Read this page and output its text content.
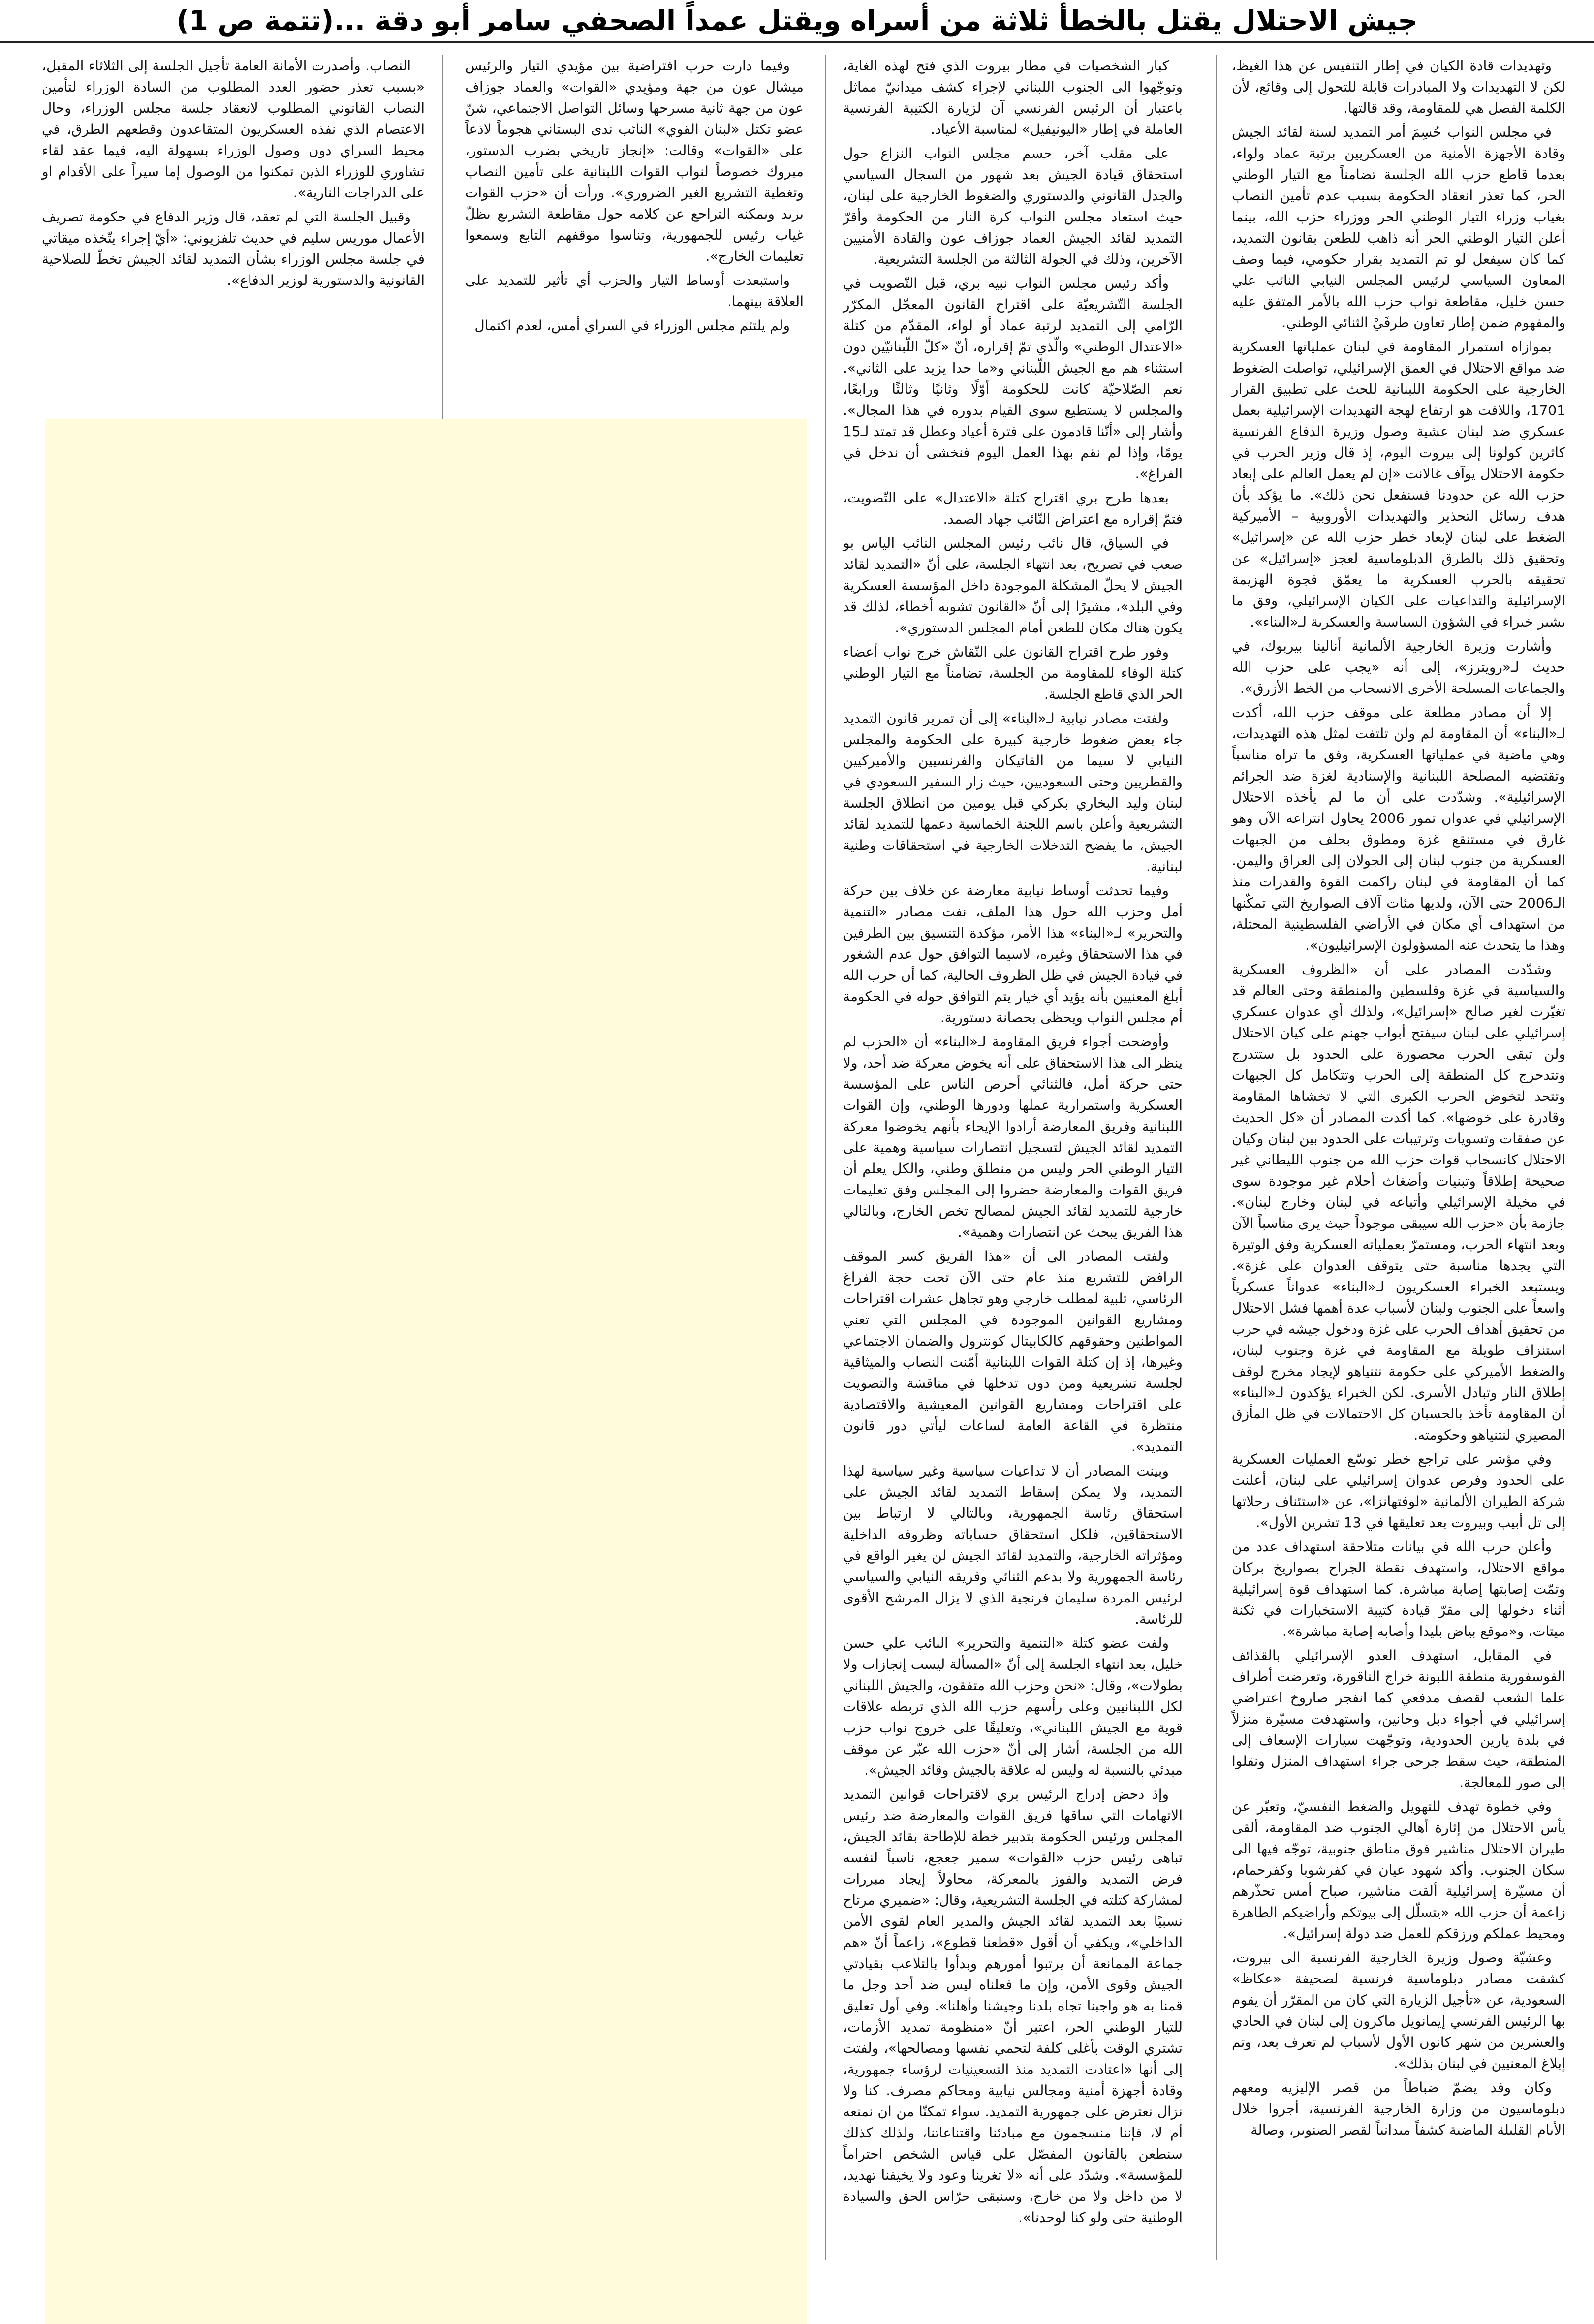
جيش الاحتلال يقتل بالخطأ ثلاثة من أسراه ويقتل عمداً الصحفي سامر أبو دقة ...(تتمة ص 1)

وتهديدات قادة الكيان في إطار التنفيس عن هذا الغيظ، لكن لا التهديدات ولا المبادرات قابلة للتحول إلى وقائع، لأن الكلمة الفصل هي للمقاومة، وقد قالتها.

في مجلس النواب حُسِمَ أمر التمديد لسنة لقائد الجيش وقادة الأجهزة الأمنية من العسكريين برتبة عماد ولواء، بعدما قاطع حزب الله الجلسة تضامناً مع التيار الوطني الحر، كما تعذر انعقاد الحكومة بسبب عدم تأمين النصاب بغياب وزراء التيار الوطني الحر ووزراء حزب الله، بينما أعلن التيار الوطني الحر أنه ذاهب للطعن بقانون التمديد، كما كان سيفعل لو تم التمديد بقرار حكومي، فيما وصف المعاون السياسي لرئيس المجلس النيابي النائب علي حسن خليل، مقاطعة نواب حزب الله بالأمر المتفق عليه والمفهوم ضمن إطار تعاون طرفَيْ الثنائي الوطني.

بموازاة استمرار المقاومة في لبنان عملياتها العسكرية ضد مواقع الاحتلال في العمق الإسرائيلي، تواصلت الضغوط الخارجية على الحكومة اللبنانية للحث على تطبيق القرار 1701، واللافت هو ارتفاع لهجة التهديدات الإسرائيلية بعمل عسكري ضد لبنان عشية وصول وزيرة الدفاع الفرنسية كاثرين كولونا إلى بيروت اليوم، إذ قال وزير الحرب في حكومة الاحتلال يوآف غالانت «إن لم يعمل العالم على إبعاد حزب الله عن حدودنا فسنفعل نحن ذلك». ما يؤكد بأن هدف رسائل التحذير والتهديدات الأوروبية – الأميركية الضغط على لبنان لإبعاد خطر حزب الله عن «إسرائيل» وتحقيق ذلك بالطرق الدبلوماسية لعجز «إسرائيل» عن تحقيقه بالحرب العسكرية ما يعمّق فجوة الهزيمة الإسرائيلية والتداعيات على الكيان الإسرائيلي، وفق ما يشير خبراء في الشؤون السياسية والعسكرية لـ«البناء».

وأشارت وزيرة الخارجية الألمانية أنالينا بيربوك، في حديث لـ«رويترز»، إلى أنه «يجب على حزب الله والجماعات المسلحة الأخرى الانسحاب من الخط الأزرق».

إلا أن مصادر مطلعة على موقف حزب الله، أكدت لـ«البناء» أن المقاومة لم ولن تلتفت لمثل هذه التهديدات، وهي ماضية في عملياتها العسكرية، وفق ما تراه مناسباً وتقتضيه المصلحة اللبنانية والإسنادية لغزة ضد الجرائم الإسرائيلية». وشدّدت على أن ما لم يأخذه الاحتلال الإسرائيلي في عدوان تموز 2006 يحاول انتزاعه الآن وهو غارق في مستنقع غزة ومطوق بحلف من الجبهات العسكرية من جنوب لبنان إلى الجولان إلى العراق واليمن. كما أن المقاومة في لبنان راكمت القوة والقدرات منذ الـ2006 حتى الآن، ولديها مئات آلاف الصواريخ التي تمكّنها من استهداف أي مكان في الأراضي الفلسطينية المحتلة، وهذا ما يتحدث عنه المسؤولون الإسرائيليون».

وشدّدت المصادر على أن «الظروف العسكرية والسياسية في غزة وفلسطين والمنطقة وحتى العالم قد تغيّرت لغير صالح «إسرائيل»، ولذلك أي عدوان عسكري إسرائيلي على لبنان سيفتح أبواب جهنم على كيان الاحتلال ولن تبقى الحرب محصورة على الحدود بل ستتدرج وتتدحرج كل المنطقة إلى الحرب وتتكامل كل الجبهات وتتحد لتخوض الحرب الكبرى التي لا تخشاها المقاومة وقادرة على خوضها». كما أكدت المصادر أن «كل الحديث عن صفقات وتسويات وترتيبات على الحدود بين لبنان وكيان الاحتلال كانسحاب قوات حزب الله من جنوب الليطاني غير صحيحة إطلاقاً وتبنيات وأضغاث أحلام غير موجودة سوى في مخيلة الإسرائيلي وأتباعه في لبنان وخارج لبنان». جازمة بأن «حزب الله سيبقى موجوداً حيث يرى مناسباً الآن وبعد انتهاء الحرب، ومستمرّ بعملياته العسكرية وفق الوتيرة التي يجدها مناسبة حتى يتوقف العدوان على غزة». ويستبعد الخبراء العسكريون لـ«البناء» عدواناً عسكرياً واسعاً على الجنوب ولبنان لأسباب عدة أهمها فشل الاحتلال من تحقيق أهداف الحرب على غزة ودخول جيشه في حرب استنزاف طويلة مع المقاومة في غزة وجنوب لبنان، والضغط الأميركي على حكومة نتنياهو لإيجاد مخرج لوقف إطلاق النار وتبادل الأسرى. لكن الخبراء يؤكدون لـ«البناء» أن المقاومة تأخذ بالحسبان كل الاحتمالات في ظل المأزق المصيري لنتنياهو وحكومته.

وفي مؤشر على تراجع خطر توسّع العمليات العسكرية على الحدود وفرص عدوان إسرائيلي على لبنان، أعلنت شركة الطيران الألمانية «لوفتهانزا»، عن «استئناف رحلاتها إلى تل أبيب وبيروت بعد تعليقها في 13 تشرين الأول».

وأعلن حزب الله في بيانات متلاحقة استهداف عدد من مواقع الاحتلال، واستهدف نقطة الجراح بصواريخ بركان وتمّت إصابتها إصابة مباشرة. كما استهداف قوة إسرائيلية أثناء دخولها إلى مقرّ قيادة كتيبة الاستخبارات في ثكنة ميتات، و«موقع بياض بليدا وأصابه إصابة مباشرة».

في المقابل، استهدف العدو الإسرائيلي بالقذائف الفوسفورية منطقة اللبونة خراج الناقورة، وتعرضت أطراف علما الشعب لقصف مدفعي كما انفجر صاروخ اعتراضي إسرائيلي في أجواء دبل وحانين، واستهدفت مسيّرة منزلاً في بلدة يارين الحدودية، وتوجّهت سيارات الإسعاف إلى المنطقة، حيث سقط جرحى جراء استهداف المنزل ونقلوا إلى صور للمعالجة.

وفي خطوة تهدف للتهويل والضغط النفسيّ، وتعبّر عن يأس الاحتلال من إثارة أهالي الجنوب ضد المقاومة، ألقى طيران الاحتلال مناشير فوق مناطق جنوبية، توجّه فيها الى سكان الجنوب. وأكد شهود عيان في كفرشوبا وكفرحمام، أن مسيّرة إسرائيلية ألقت مناشير، صباح أمس تحذّرهم زاعمة أن حزب الله «يتسلّل إلى بيوتكم وأراضيكم الطاهرة ومحيط عملكم ورزقكم للعمل ضد دولة إسرائيل».

وعشيّة وصول وزيرة الخارجية الفرنسية الى بيروت، كشفت مصادر دبلوماسية فرنسية لصحيفة «عكاظ» السعودية، عن «تأجيل الزيارة التي كان من المقرّر أن يقوم بها الرئيس الفرنسي إيمانويل ماكرون إلى لبنان في الحادي والعشرين من شهر كانون الأول لأسباب لم تعرف بعد، وتم إبلاغ المعنيين في لبنان بذلك».

وكان وفد يضمّ ضباطاً من قصر الإليزيه ومعهم دبلوماسيون من وزارة الخارجية الفرنسية، أجروا خلال الأيام القليلة الماضية كشفاً ميدانياً لقصر الصنوبر، وصالة

كبار الشخصيات في مطار بيروت الذي فتح لهذه الغاية، وتوجّهوا الى الجنوب اللبناني لإجراء كشف ميدانيّ مماثل باعتبار أن الرئيس الفرنسي آن لزيارة الكتيبة الفرنسية العاملة في إطار «اليونيفيل» لمناسبة الأعياد.

على مقلب آخر، حسم مجلس النواب النزاع حول استحقاق قيادة الجيش بعد شهور من السجال السياسي والجدل القانوني والدستوري والضغوط الخارجية على لبنان، حيث استعاد مجلس النواب كرة النار من الحكومة وأقرّ التمديد لقائد الجيش العماد جوزاف عون والقادة الأمنيين الآخرين، وذلك في الجولة الثالثة من الجلسة التشريعية.

وأكد رئيس مجلس النواب نبيه بري، قبل التّصويت في الجلسة التّشريعيّة على اقتراح القانون المعجّل المكرّر الرّامي إلى التمديد لرتبة عماد أو لواء، المقدّم من كتلة «الاعتدال الوطني» والّذي تمّ إقراره، أنّ «كلّ اللّبنانيّين دون استثناء هم مع الجيش اللّبناني و«ما حدا يزيد على الثاني». نعم الصّلاحيّة كانت للحكومة أوّلًا وثانيًا وثالثًا ورابعًا، والمجلس لا يستطيع سوى القيام بدوره في هذا المجال». وأشار إلى «أنّنا قادمون على فترة أعياد وعطل قد تمتد لـ15 يومًا، وإذا لم نقم بهذا العمل اليوم فنخشى أن ندخل في الفراغ».

بعدها طرح بري اقتراح كتلة «الاعتدال» على التّصويت، فتمّ إقراره مع اعتراض النّائب جهاد الصمد.

في السياق، قال نائب رئيس المجلس النائب الياس بو صعب في تصريح، بعد انتهاء الجلسة، على أنّ «التمديد لقائد الجيش لا يحلّ المشكلة الموجودة داخل المؤسسة العسكرية وفي البلد»، مشيرًا إلى أنّ «القانون تشوبه أخطاء، لذلك قد يكون هناك مكان للطعن أمام المجلس الدستوري».

وفور طرح اقتراح القانون على النّقاش خرج نواب أعضاء كتلة الوفاء للمقاومة من الجلسة، تضامناً مع التيار الوطني الحر الذي قاطع الجلسة.

ولفتت مصادر نيابية لـ«البناء» إلى أن تمرير قانون التمديد جاء بعض ضغوط خارجية كبيرة على الحكومة والمجلس النيابي لا سيما من الفاتيكان والفرنسيين والأميركيين والقطريين وحتى السعوديين، حيث زار السفير السعودي في لبنان وليد البخاري بكركي قبل يومين من انطلاق الجلسة التشريعية وأعلن باسم اللجنة الخماسية دعمها للتمديد لقائد الجيش، ما يفضح التدخلات الخارجية في استحقاقات وطنية لبنانية.

وفيما تحدثت أوساط نيابية معارضة عن خلاف بين حركة أمل وحزب الله حول هذا الملف، نفت مصادر «التنمية والتحرير» لـ«البناء» هذا الأمر، مؤكدة التنسيق بين الطرفين في هذا الاستحقاق وغيره، لاسيما التوافق حول عدم الشغور في قيادة الجيش في ظل الظروف الحالية، كما أن حزب الله أبلغ المعنيين بأنه يؤيد أي خيار يتم التوافق حوله في الحكومة أم مجلس النواب ويحظى بحصانة دستورية.

وأوضحت أجواء فريق المقاومة لـ«البناء» أن «الحزب لم ينظر الى هذا الاستحقاق على أنه يخوض معركة ضد أحد، ولا حتى حركة أمل، فالثنائي أحرص الناس على المؤسسة العسكرية واستمرارية عملها ودورها الوطني، وإن القوات اللبنانية وفريق المعارضة أرادوا الإيحاء بأنهم يخوضوا معركة التمديد لقائد الجيش لتسجيل انتصارات سياسية وهمية على التيار الوطني الحر وليس من منطلق وطني، والكل يعلم أن فريق القوات والمعارضة حضروا إلى المجلس وفق تعليمات خارجية للتمديد لقائد الجيش لمصالح تخص الخارج، وبالتالي هذا الفريق يبحث عن انتصارات وهمية».

ولفتت المصادر الى أن «هذا الفريق كسر الموقف الرافض للتشريع منذ عام حتى الآن تحت حجة الفراغ الرئاسي، تلبية لمطلب خارجي وهو تجاهل عشرات اقتراحات ومشاريع القوانين الموجودة في المجلس التي تعني المواطنين وحقوقهم كالكابيتال كونترول والضمان الاجتماعي وغيرها، إذ إن كتلة القوات اللبنانية أمّنت النصاب والميثاقية لجلسة تشريعية ومن دون تدخلها في مناقشة والتصويت على اقتراحات ومشاريع القوانين المعيشية والاقتصادية منتظرة في القاعة العامة لساعات ليأتي دور قانون التمديد».

وبينت المصادر أن لا تداعيات سياسية وغير سياسية لهذا التمديد، ولا يمكن إسقاط التمديد لقائد الجيش على استحقاق رئاسة الجمهورية، وبالتالي لا ارتباط بين الاستحقاقين، فلكل استحقاق حساباته وظروفه الداخلية ومؤثراته الخارجية، والتمديد لقائد الجيش لن يغير الواقع في رئاسة الجمهورية ولا بدعم الثنائي وفريقه النيابي والسياسي لرئيس المردة سليمان فرنجية الذي لا يزال المرشح الأقوى للرئاسة.

ولفت عضو كتلة «التنمية والتحرير» النائب علي حسن خليل، بعد انتهاء الجلسة إلى أنّ «المسألة ليست إنجازات ولا بطولات»، وقال: «نحن وحزب الله متفقون، والجيش اللبناني لكل اللبنانيين وعلى رأسهم حزب الله الذي تربطه علاقات قوية مع الجيش اللبناني»، وتعليقًا على خروج نواب حزب الله من الجلسة، أشار إلى أنّ «حزب الله عبّر عن موقف مبدئي بالنسبة له وليس له علاقة بالجيش وقائد الجيش».

وإذ دحض إدراج الرئيس بري لاقتراحات قوانين التمديد الاتهامات التي ساقها فريق القوات والمعارضة ضد رئيس المجلس ورئيس الحكومة بتدبير خطة للإطاحة بقائد الجيش، تباهى رئيس حزب «القوات» سمير جعجع، ناسباً لنفسه فرض التمديد والفوز بالمعركة، محاولاً إيجاد مبررات لمشاركة كتلته في الجلسة التشريعية، وقال: «ضميري مرتاح نسبيًا بعد التمديد لقائد الجيش والمدير العام لقوى الأمن الداخلي»، ويكفي أن أقول «قطعنا قطوع»، زاعماً أنّ «هم جماعة الممانعة أن يرتبوا أمورهم وبدأوا بالتلاعب بقيادتي الجيش وقوى الأمن، وإن ما فعلناه ليس ضد أحد وجل ما قمنا به هو واجبنا تجاه بلدنا وجيشنا وأهلنا». وفي أول تعليق للتيار الوطني الحر، اعتبر أنّ «منظومة تمديد الأزمات، تشتري الوقت بأغلى كلفة لتحمي نفسها ومصالحها»، ولفتت إلى أنها «اعتادت التمديد منذ التسعينيات لرؤساء جمهورية، وقادة أجهزة أمنية ومجالس نيابية ومحاكم مصرف. كنا ولا نزال نعترض على جمهورية التمديد. سواء تمكنّا من ان نمنعه أم لا، فإننا منسجمون مع مبادئنا واقتناعاتنا، ولذلك كذلك سنطعن بالقانون المفصّل على قياس الشخص احتراماً للمؤسسة». وشدّد على أنه «لا تغرينا وعود ولا يخيفنا تهديد، لا من داخل ولا من خارج، وسنبقى حرّاس الحق والسيادة الوطنية حتى ولو كنا لوحدنا».

وفيما دارت حرب افتراضية بين مؤيدي التيار والرئيس ميشال عون من جهة ومؤيدي «القوات» والعماد جوزاف عون من جهة ثانية مسرحها وسائل التواصل الاجتماعي، شنّ عضو تكتل «لبنان القوي» النائب ندى البستاني هجوماً لاذعاً على «القوات» وقالت: «إنجاز تاريخي بضرب الدستور، مبروك خصوصاً لنواب القوات اللبنانية على تأمين النصاب وتغطية التشريع الغير الضروري». ورأت أن «حزب القوات يريد ويمكنه التراجع عن كلامه حول مقاطعة التشريع بظلّ غياب رئيس للجمهورية، وتناسوا موقفهم التابع وسمعوا تعليمات الخارج».

واستبعدت أوساط التيار والحزب أي تأثير للتمديد على العلاقة بينهما.

ولم يلتئم مجلس الوزراء في السراي أمس، لعدم اكتمال

النصاب. وأصدرت الأمانة العامة تأجيل الجلسة إلى الثلاثاء المقبل، «بسبب تعذر حضور العدد المطلوب من السادة الوزراء لتأمين النصاب القانوني المطلوب لانعقاد جلسة مجلس الوزراء، وحال الاعتصام الذي نفذه العسكريون المتقاعدون وقطعهم الطرق، في محيط السراي دون وصول الوزراء بسهولة اليه، فيما عقد لقاء تشاوري للوزراء الذين تمكنوا من الوصول إما سيراً على الأقدام او على الدراجات النارية».

وقبيل الجلسة التي لم تعقد، قال وزير الدفاع في حكومة تصريف الأعمال موريس سليم في حديث تلفزيوني: «أيّ إجراء يتّخذه ميقاتي في جلسة مجلس الوزراء بشأن التمديد لقائد الجيش تخطّ للصلاحية القانونية والدستورية لوزير الدفاع».
